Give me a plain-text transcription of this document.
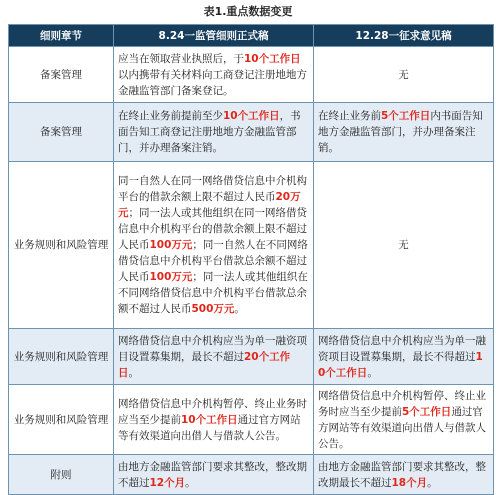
表1.重点数据变更
细则章节	8.24一监管细则正式稿	12.28一征求意见稿
备案管理	应当在领取营业执照后，于10个工作日以内携带有关材料向工商登记注册地地方金融监管部门备案登记。	无
备案管理	在终止业务前提前至少10个工作日，书面告知工商登记注册地地方金融监管部门，并办理备案注销。	在终止业务前5个工作日内书面告知地方金融监管部门，并办理备案注销。
业务规则和风险管理	同一自然人在同一网络借贷信息中介机构平台的借款余额上限不超过人民币20万元；同一法人或其他组织在同一网络借贷信息中介机构平台的借款余额上限不超过人民币100万元；同一自然人在不同网络借贷信息中介机构平台借款总余额不超过人民币100万元；同一法人或其他组织在不同网络借贷信息中介机构平台借款总余额不超过人民币500万元。	无
业务规则和风险管理	网络借贷信息中介机构应当为单一融资项目设置募集期，最长不超过20个工作日。	网络借贷信息中介机构应当为单一融资项目设置募集期，最长不得超过10个工作日。
业务规则和风险管理	网络借贷信息中介机构暂停、终止业务时应当至少提前10个工作日通过官方网站等有效渠道向出借人与借款人公告。	网络借贷信息中介机构暂停、终止业务时应当至少提前5个工作日通过官方网站等有效渠道向出借人与借款人公告。
附则	由地方金融监管部门要求其整改，整改期不超过12个月。	由地方金融监管部门要求其整改，整改期最长不超过18个月。
